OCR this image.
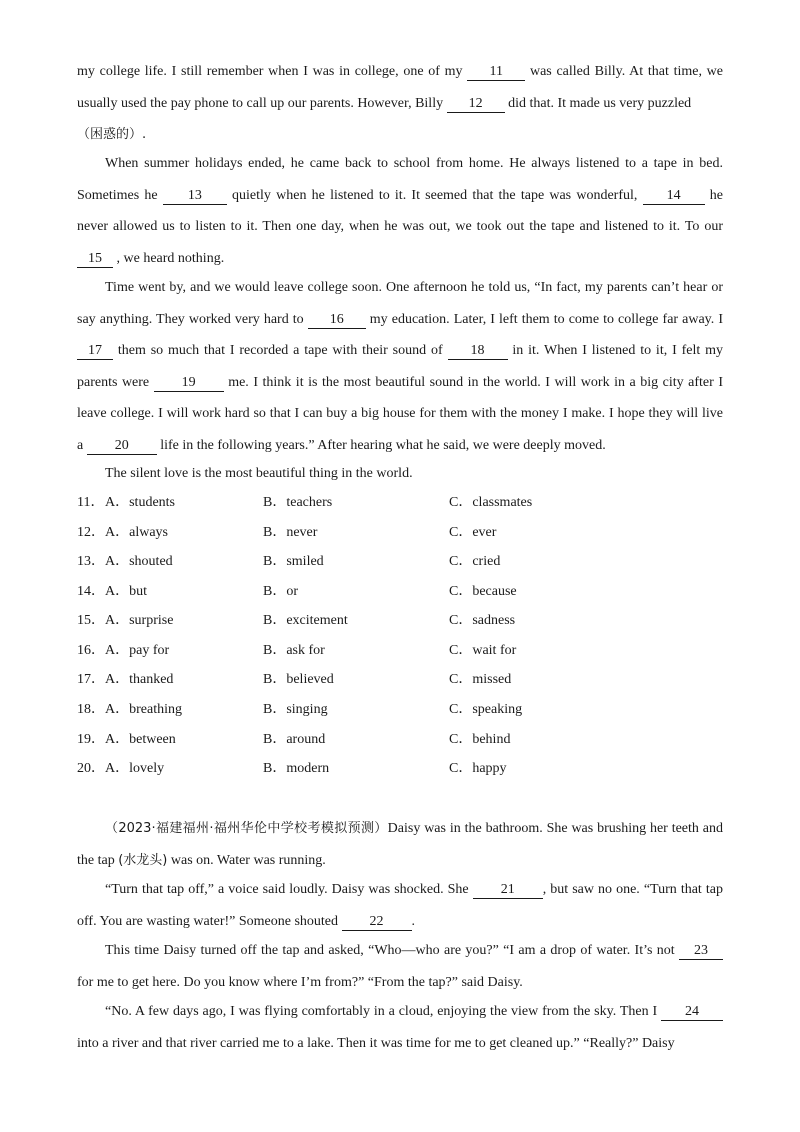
my college life. I still remember when I was in college, one of my 11 was called Billy. At that time, we usually used the pay phone to call up our parents. However, Billy 12 did that. It made us very puzzled
（困惑的）.

When summer holidays ended, he came back to school from home. He always listened to a tape in bed. Sometimes he 13 quietly when he listened to it. It seemed that the tape was wonderful, 14 he never allowed us to listen to it. Then one day, when he was out, we took out the tape and listened to it. To our 15 , we heard nothing.

Time went by, and we would leave college soon. One afternoon he told us, “In fact, my parents can’t hear or say anything. They worked very hard to 16 my education. Later, I left them to come to college far away. I 17 them so much that I recorded a tape with their sound of 18 in it. When I listened to it, I felt my parents were 19 me. I think it is the most beautiful sound in the world. I will work in a big city after I leave college. I will work hard so that I can buy a big house for them with the money I make. I hope they will live a 20 life in the following years.” After hearing what he said, we were deeply moved.

The silent love is the most beautiful thing in the world.

11． A．students	B．teachers	C．classmates
12． A．always	B．never	C．ever
13． A．shouted	B．smiled	C．cried
14． A．but	B．or	C．because
15． A．surprise	B．excitement	C．sadness
16． A．pay for	B．ask for	C．wait for
17． A．thanked	B．believed	C．missed
18． A．breathing	B．singing	C．speaking
19． A．between	B．around	C．behind
20． A．lovely	B．modern	C．happy

（2023·福建福州·福州华伦中学校考模拟预测）Daisy was in the bathroom. She was brushing her teeth and the tap (水龙头) was on. Water was running.

“Turn that tap off,” a voice said loudly. Daisy was shocked. She 21 , but saw no one. “Turn that tap off. You are wasting water!” Someone shouted 22 .

This time Daisy turned off the tap and asked, “Who—who are you?” “I am a drop of water. It’s not 23 for me to get here. Do you know where I’m from?” “From the tap?” said Daisy.

“No. A few days ago, I was flying comfortably in a cloud, enjoying the view from the sky. Then I 24 into a river and that river carried me to a lake. Then it was time for me to get cleaned up.” “Really?” Daisy
